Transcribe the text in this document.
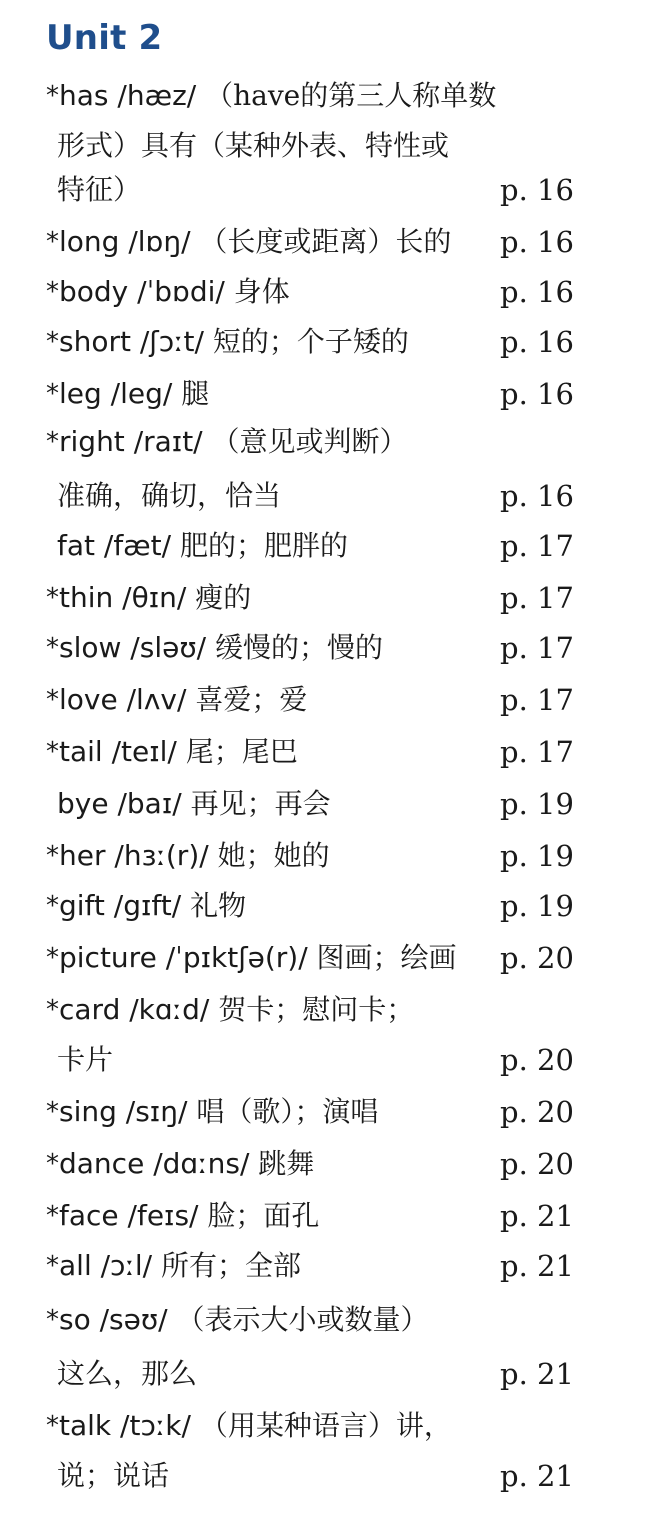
Unit 2
*has /hæz/ （have的第三人称单数
形式）具有（某种外表、特性或
特征）	p. 16
*long /lɒŋ/ （长度或距离）长的 p. 16
*body /ˈbɒdi/ 身体	p. 16
*short /ʃɔːt/ 短的；个子矮的	p. 16
*leg /leg/ 腿	p. 16
*right /raɪt/ （意见或判断）
准确，确切，恰当	p. 16
fat /fæt/ 肥的；肥胖的	p. 17
*thin /θɪn/ 瘦的	p. 17
*slow /sləʊ/ 缓慢的；慢的	p. 17
*love /lʌv/ 喜爱；爱	p. 17
*tail /teɪl/ 尾；尾巴	p. 17
bye /baɪ/ 再见；再会	p. 19
*her /hɜː(r)/ 她；她的	p. 19
*gift /gɪft/ 礼物	p. 19
*picture /ˈpɪktʃə(r)/ 图画；绘画 p. 20
*card /kɑːd/ 贺卡；慰问卡；
卡片	p. 20
*sing /sɪŋ/ 唱（歌）；演唱	p. 20
*dance /dɑːns/ 跳舞	p. 20
*face /feɪs/ 脸；面孔	p. 21
*all /ɔːl/ 所有；全部	p. 21
*so /səʊ/ （表示大小或数量）
这么，那么	p. 21
*talk /tɔːk/ （用某种语言）讲，
说；说话	p. 21
